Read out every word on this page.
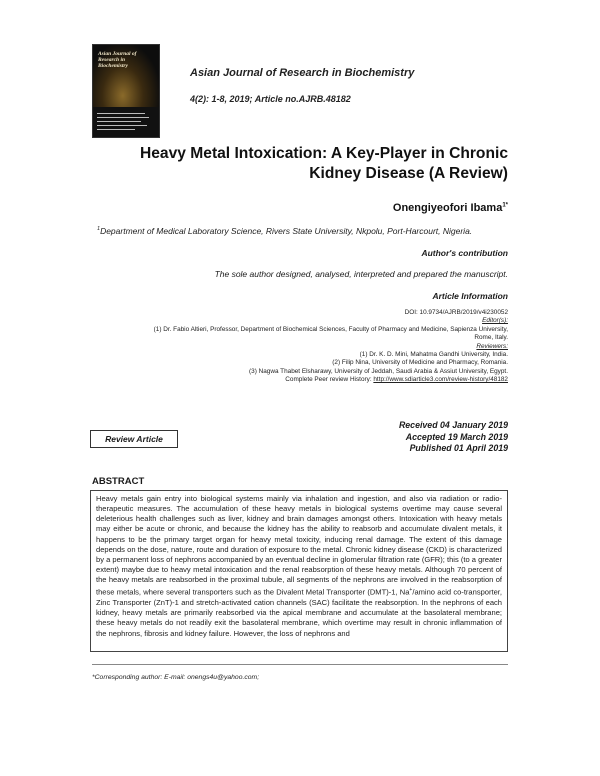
Asian Journal of Research in Biochemistry
Asian Journal of Research in Biochemistry
4(2): 1-8, 2019; Article no.AJRB.48182
Heavy Metal Intoxication: A Key-Player in Chronic Kidney Disease (A Review)
Onengiyeofori Ibama$^{1*}$
$^1$Department of Medical Laboratory Science, Rivers State University, Nkpolu, Port-Harcourt, Nigeria.
Author's contribution
The sole author designed, analysed, interpreted and prepared the manuscript.
Article Information
DOI: 10.9734/AJRB/2019/v4i230052
Editor(s):
(1) Dr. Fabio Altieri, Professor, Department of Biochemical Sciences, Faculty of Pharmacy and Medicine, Sapienza University,
Rome, Italy.
Reviewers:
(1) Dr. K. D. Mini, Mahatma Gandhi University, India.
(2) Filip Nina, University of Medicine and Pharmacy, Romania.
(3) Nagwa Thabet Elsharawy, University of Jeddah, Saudi Arabia & Assiut University, Egypt.
Complete Peer review History: http://www.sdiarticle3.com/review-history/48182
Review Article
Received 04 January 2019
Accepted 19 March 2019
Published 01 April 2019
ABSTRACT

Heavy metals gain entry into biological systems mainly via inhalation and ingestion, and also via radiation or radio-therapeutic measures. The accumulation of these heavy metals in biological systems overtime may cause several deleterious health challenges such as liver, kidney and brain damages amongst others. Intoxication with heavy metals may either be acute or chronic, and because the kidney has the ability to reabsorb and accumulate divalent metals, it happens to be the primary target organ for heavy metal toxicity, inducing renal damage. The extent of this damage depends on the dose, nature, route and duration of exposure to the metal. Chronic kidney disease (CKD) is characterized by a permanent loss of nephrons accompanied by an eventual decline in glomerular filtration rate (GFR); this (to a greater extent) maybe due to heavy metal intoxication and the renal reabsorption of these heavy metals. Although 70 percent of the heavy metals are reabsorbed in the proximal tubule, all segments of the nephrons are involved in the reabsorption of these metals, where several transporters such as the Divalent Metal Transporter (DMT)-1, Na+/amino acid co-transporter, Zinc Transporter (ZnT)-1 and stretch-activated cation channels (SAC) facilitate the reabsorption. In the nephrons of each kidney, heavy metals are primarily reabsorbed via the apical membrane and accumulate at the basolateral membrane; these heavy metals do not readily exit the basolateral membrane, which overtime may result in chronic inflammation of the nephrons, fibrosis and kidney failure. However, the loss of nephrons and

*Corresponding author: E-mail: onengs4u@yahoo.com;
